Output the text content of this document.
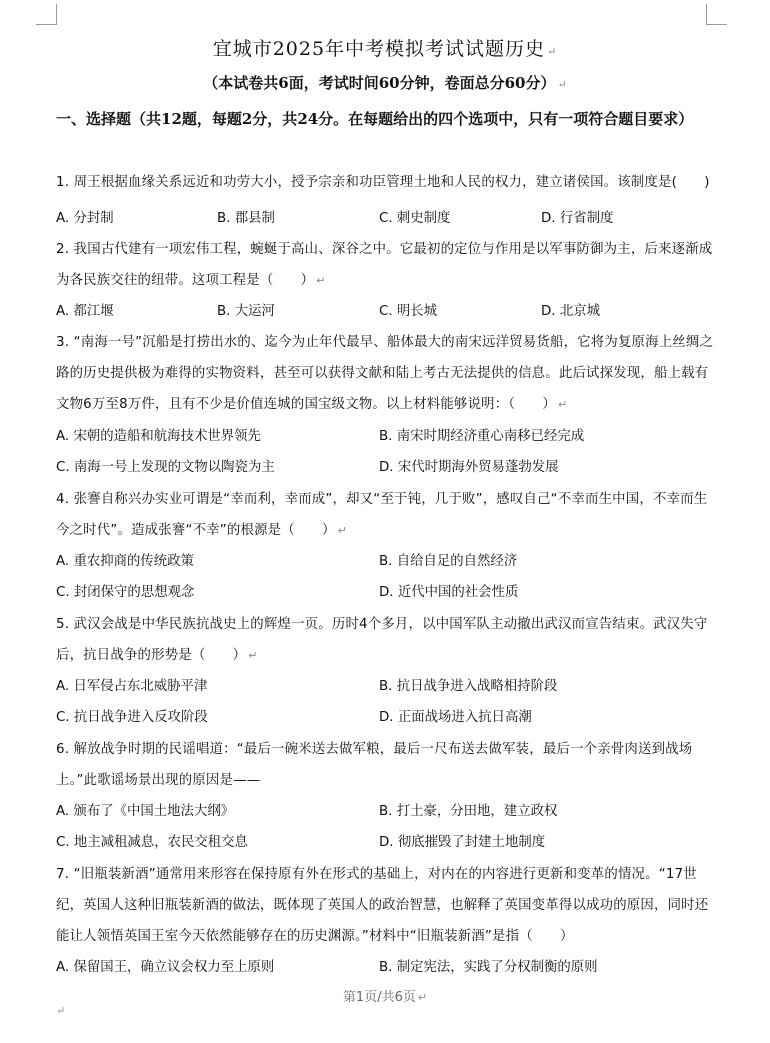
宜城市2025年中考模拟考试试题历史 ↵
（本试卷共6面，考试时间60分钟，卷面总分60分） ↵
一、选择题（共12题，每题2分，共24分。在每题给出的四个选项中，只有一项符合题目要求）
1. 周王根据血缘关系远近和功劳大小，授予宗亲和功臣管理土地和人民的权力，建立诸侯国。该制度是(　　)
A. 分封制	B. 郡县制	C. 刺史制度	D. 行省制度
2. 我国古代建有一项宏伟工程，蜿蜒于高山、深谷之中。它最初的定位与作用是以军事防御为主，后来逐渐成为各民族交往的纽带。这项工程是（　　） ↵
A. 都江堰	B. 大运河	C. 明长城	D. 北京城
3. “南海一号”沉船是打捞出水的、迄今为止年代最早、船体最大的南宋远洋贸易货船，它将为复原海上丝绸之路的历史提供极为难得的实物资料，甚至可以获得文献和陆上考古无法提供的信息。此后试探发现，船上载有文物6万至8万件，且有不少是价值连城的国宝级文物。以上材料能够说明：（　　） ↵
A. 宋朝的造船和航海技术世界领先	B. 南宋时期经济重心南移已经完成
C. 南海一号上发现的文物以陶瓷为主	D. 宋代时期海外贸易蓬勃发展
4. 张謇自称兴办实业可谓是“幸而利，幸而成”，却又“至于钝，几于败”，感叹自己“不幸而生中国，不幸而生今之时代”。造成张謇“不幸”的根源是（　　） ↵
A. 重农抑商的传统政策	B. 自给自足的自然经济
C. 封闭保守的思想观念	D. 近代中国的社会性质
5. 武汉会战是中华民族抗战史上的辉煌一页。历时4个多月，以中国军队主动撤出武汉而宣告结束。武汉失守后，抗日战争的形势是（　　） ↵
A. 日军侵占东北威胁平津	B. 抗日战争进入战略相持阶段
C. 抗日战争进入反攻阶段	D. 正面战场进入抗日高潮
6. 解放战争时期的民谣唱道：“最后一碗米送去做军粮，最后一尺布送去做军装，最后一个亲骨肉送到战场上。”此歌谣场景出现的原因是——
A. 颁布了《中国土地法大纲》	B. 打土豪，分田地，建立政权
C. 地主减租减息，农民交租交息	D. 彻底摧毁了封建土地制度
7. “旧瓶装新酒”通常用来形容在保持原有外在形式的基础上，对内在的内容进行更新和变革的情况。“17世纪，英国人这种旧瓶装新酒的做法，既体现了英国人的政治智慧，也解释了英国变革得以成功的原因，同时还能让人领悟英国王室今天依然能够存在的历史渊源。”材料中“旧瓶装新酒”是指（　　）
A. 保留国王，确立议会权力至上原则	B. 制定宪法，实践了分权制衡的原则
第1页/共6页 ↵
↵
